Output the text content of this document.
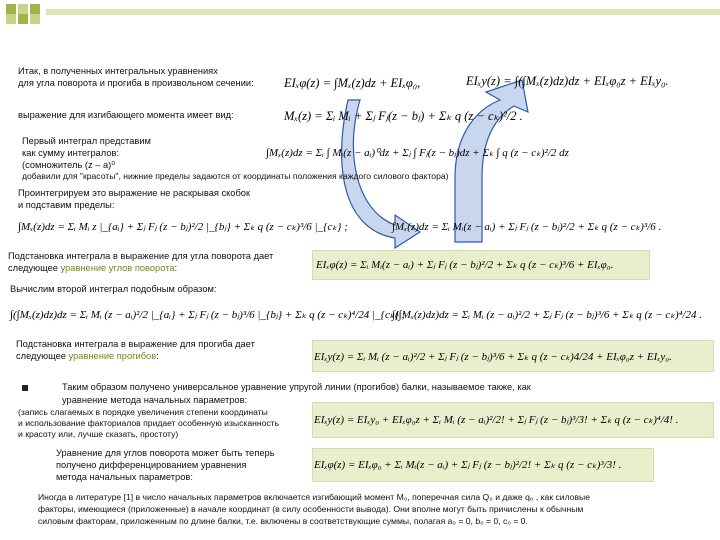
Итак, в полученных интегральных уравнениях
для угла поворота и прогиба в произвольном сечении: EIₓφ(z) = ∫Mₓ(z)dz + EIₓφ₀,	EIₓy(z) = ∫(∫Mₓ(z)dz)dz + EIₓφ₀z + EIₓy₀.
выражение для изгибающего момента имеет вид:	Mₓ(z) = Σᵢ Mᵢ + Σⱼ Fⱼ(z − bⱼ) + Σₖ q (z − cₖ)²/2 .
Первый интеграл представим
как сумму интегралов:
(сомножитель (z – a)⁰
∫Mₓ(z)dz = Σᵢ ∫ Mᵢ(z − aᵢ)⁰dz + Σⱼ ∫ Fⱼ(z − bⱼ)dz + Σₖ ∫ q (z − cₖ)²/2 dz
добавили для "красоты", нижние пределы задаются от координаты положения каждого силового фактора)
Проинтегрируем это выражение не раскрывая скобок
и подставим пределы:
∫Mₓ(z)dz = Σᵢ Mᵢ z |_{aᵢ} + Σⱼ Fⱼ (z − bⱼ)²/2 |_{bⱼ} + Σₖ q (z − cₖ)³/6 |_{cₖ} ;	∫Mₓ(z)dz = Σᵢ Mᵢ(z − aᵢ) + Σⱼ Fⱼ (z − bⱼ)²/2 + Σₖ q (z − cₖ)³/6 .
Подстановка интеграла в выражение для угла поворота дает
следующее уравнение углов поворота:	EIₓφ(z) = Σᵢ Mᵢ(z − aᵢ) + Σⱼ Fⱼ (z − bⱼ)²/2 + Σₖ q (z − cₖ)³/6 + EIₓφ₀.
Вычислим второй интеграл подобным образом:
∫(∫Mₓ(z)dz)dz = Σᵢ Mᵢ (z − aᵢ)²/2 |_{aᵢ} + Σⱼ Fⱼ (z − bⱼ)³/6 |_{bⱼ} + Σₖ q (z − cₖ)⁴/24 |_{cₖ} ;
∫(∫Mₓ(z)dz)dz = Σᵢ Mᵢ (z − aᵢ)²/2 + Σⱼ Fⱼ (z − bⱼ)³/6 + Σₖ q (z − cₖ)⁴/24 .
Подстановка интеграла в выражение для прогиба дает
следующее уравнение прогибов:	EIₓy(z) = Σᵢ Mᵢ (z − aᵢ)²/2 + Σⱼ Fⱼ (z − bⱼ)³/6 + Σₖ q (z − cₖ)4/24 + EIₓφ₀z + EIₓy₀.
Таким образом получено универсальное уравнение упругой линии (прогибов) балки, называемое также, как
уравнение метода начальных параметров:
(запись слагаемых в порядке увеличения степени координаты
и использование факториалов придает особенную изысканность
и красоту или, лучше сказать, простоту)
EIₓy(z) = EIₓy₀ + EIₓφ₀z + Σᵢ Mᵢ (z − aᵢ)²/2! + Σⱼ Fⱼ (z − bⱼ)³/3! + Σₖ q (z − cₖ)⁴/4! .
Уравнение для углов поворота может быть теперь
получено дифференцированием уравнения
метода начальных параметров:
EIₓφ(z) = EIₓφ₀ + Σᵢ Mᵢ(z − aᵢ) + Σⱼ Fⱼ (z − bⱼ)²/2! + Σₖ q (z − cₖ)³/3! .
Иногда в литературе [1] в число начальных параметров включается изгибающий момент M₀, поперечная сила Q₀ и даже q₀ , как силовые
факторы, имеющиеся (приложенные) в начале координат (в силу особенности вывода). Они вполне могут быть причислены к обычным
силовым факторам, приложенным по длине балки, т.е. включены в соответствующие суммы, полагая a₀ = 0, b₀ = 0, c₀ = 0.
